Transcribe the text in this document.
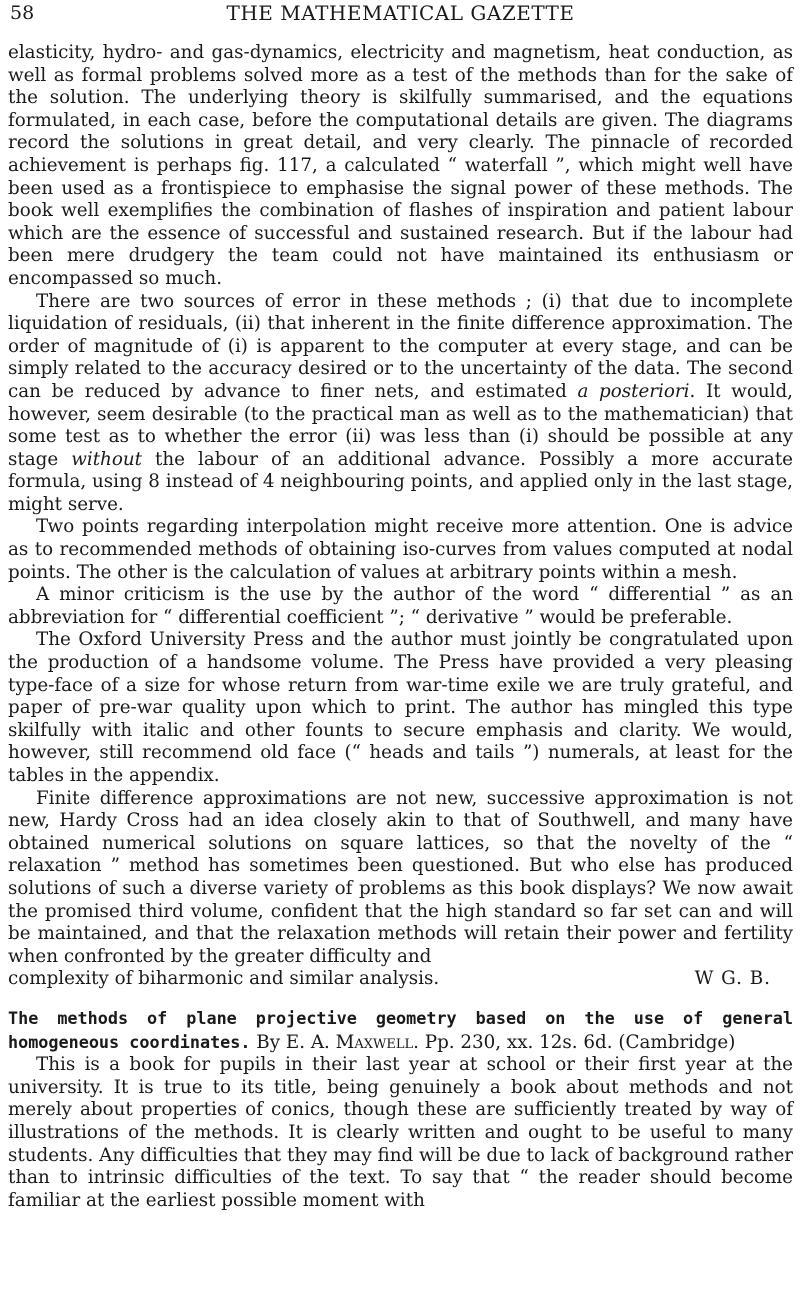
58	THE MATHEMATICAL GAZETTE

elasticity, hydro- and gas-dynamics, electricity and magnetism, heat conduction, as well as formal problems solved more as a test of the methods than for the sake of the solution. The underlying theory is skilfully summarised, and the equations formulated, in each case, before the computational details are given. The diagrams record the solutions in great detail, and very clearly. The pinnacle of recorded achievement is perhaps fig. 117, a calculated “ waterfall ”, which might well have been used as a frontispiece to emphasise the signal power of these methods. The book well exemplifies the combination of flashes of inspiration and patient labour which are the essence of successful and sustained research. But if the labour had been mere drudgery the team could not have maintained its enthusiasm or encompassed so much.

There are two sources of error in these methods ; (i) that due to incomplete liquidation of residuals, (ii) that inherent in the finite difference approximation. The order of magnitude of (i) is apparent to the computer at every stage, and can be simply related to the accuracy desired or to the uncertainty of the data. The second can be reduced by advance to finer nets, and estimated a posteriori. It would, however, seem desirable (to the practical man as well as to the mathematician) that some test as to whether the error (ii) was less than (i) should be possible at any stage without the labour of an additional advance. Possibly a more accurate formula, using 8 instead of 4 neighbouring points, and applied only in the last stage, might serve.

Two points regarding interpolation might receive more attention. One is advice as to recommended methods of obtaining iso-curves from values computed at nodal points. The other is the calculation of values at arbitrary points within a mesh.

A minor criticism is the use by the author of the word “ differential ” as an abbreviation for “ differential coefficient ”; “ derivative ” would be preferable.

The Oxford University Press and the author must jointly be congratulated upon the production of a handsome volume. The Press have provided a very pleasing type-face of a size for whose return from war-time exile we are truly grateful, and paper of pre-war quality upon which to print. The author has mingled this type skilfully with italic and other founts to secure emphasis and clarity. We would, however, still recommend old face (“ heads and tails ”) numerals, at least for the tables in the appendix.

Finite difference approximations are not new, successive approximation is not new, Hardy Cross had an idea closely akin to that of Southwell, and many have obtained numerical solutions on square lattices, so that the novelty of the “ relaxation ” method has sometimes been questioned. But who else has produced solutions of such a diverse variety of problems as this book displays? We now await the promised third volume, confident that the high standard so far set can and will be maintained, and that the relaxation methods will retain their power and fertility when confronted by the greater difficulty and

complexity of biharmonic and similar analysis.	W G. B.

The methods of plane projective geometry based on the use of general homogeneous coordinates. By E. A. Maxwell. Pp. 230, xx. 12s. 6d. (Cambridge)

This is a book for pupils in their last year at school or their first year at the university. It is true to its title, being genuinely a book about methods and not merely about properties of conics, though these are sufficiently treated by way of illustrations of the methods. It is clearly written and ought to be useful to many students. Any difficulties that they may find will be due to lack of background rather than to intrinsic difficulties of the text. To say that “ the reader should become familiar at the earliest possible moment with
